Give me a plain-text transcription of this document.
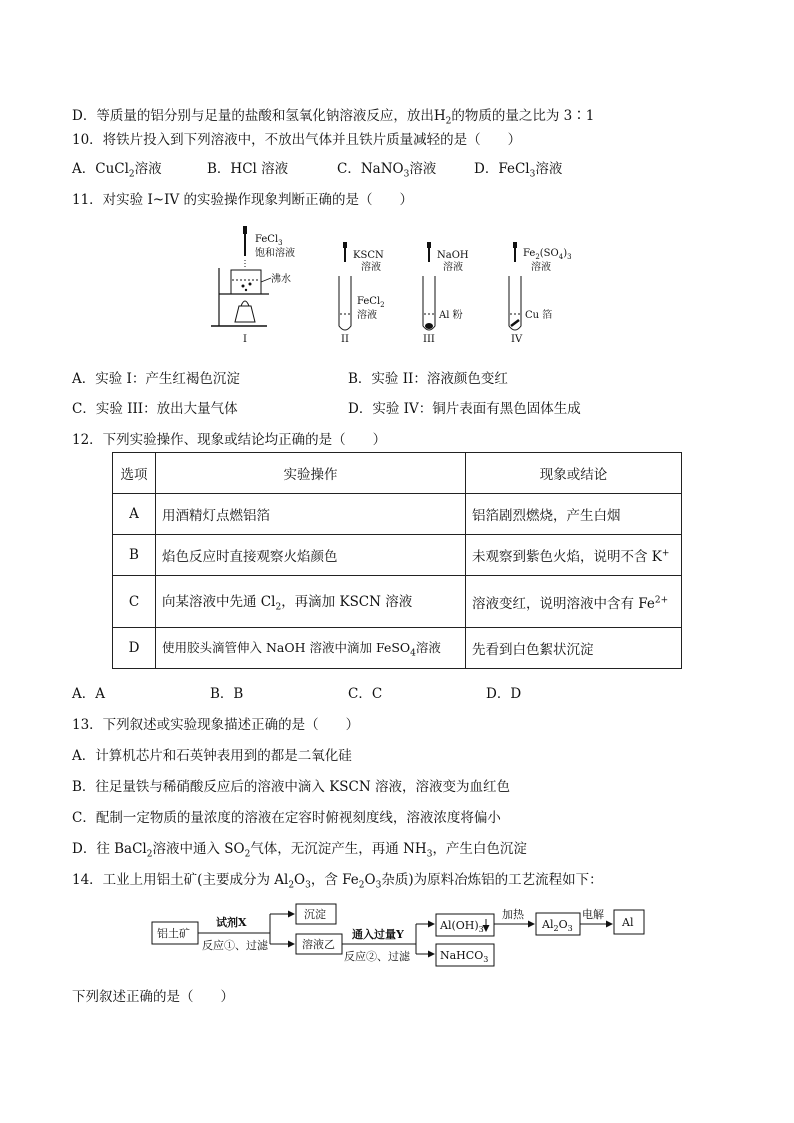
D．等质量的铝分别与足量的盐酸和氢氧化钠溶液反应，放出$H_2$的物质的量之比为 3∶1
10．将铁片投入到下列溶液中，不放出气体并且铁片质量减轻的是（　　）
A．CuCl$_2$溶液	B．HCl 溶液	C．NaNO$_3$溶液	D．FeCl$_3$溶液
11．对实验 I~IV 的实验操作现象判断正确的是（　　）
FeCl$_3$
饱和溶液
沸水
I
KSCN
溶液
FeCl$_2$
溶液
II
NaOH
溶液
Al 粉
III
$Fe_2(SO_4)_3$
溶液
Cu 箔
IV
A．实验 I：产生红褐色沉淀	B．实验 II：溶液颜色变红
C．实验 III：放出大量气体	D．实验 IV：铜片表面有黑色固体生成
12．下列实验操作、现象或结论均正确的是（　　）
选项	实验操作	现象或结论
A	用酒精灯点燃铝箔	铝箔剧烈燃烧，产生白烟
B	焰色反应时直接观察火焰颜色	未观察到紫色火焰，说明不含 K+
C	向某溶液中先通 $Cl_2$，再滴加 KSCN 溶液	溶液变红，说明溶液中含有 $Fe^{2+}$
D	使用胶头滴管伸入 NaOH 溶液中滴加 FeSO$_4$溶液	先看到白色絮状沉淀
A．A	B．B	C．C	D．D
13．下列叙述或实验现象描述正确的是（　　）
A．计算机芯片和石英钟表用到的都是二氧化硅
B．往足量铁与稀硝酸反应后的溶液中滴入 KSCN 溶液，溶液变为血红色
C．配制一定物质的量浓度的溶液在定容时俯视刻度线，溶液浓度将偏小
D．往 BaCl$_2$溶液中通入 $SO_2$气体，无沉淀产生，再通 $NH_3$，产生白色沉淀
14．工业上用铝土矿(主要成分为 $Al_2O_3$，含 $Fe_2O_3$杂质)为原料冶炼铝的工艺流程如下：
铝土矿
试剂X
反应①、过滤
沉淀
溶液乙
通入过量Y
反应②、过滤
$Al(OH)_3$
NaHCO$_3$
加热
$Al_2O_3$
电解
Al
下列叙述正确的是（　　）
